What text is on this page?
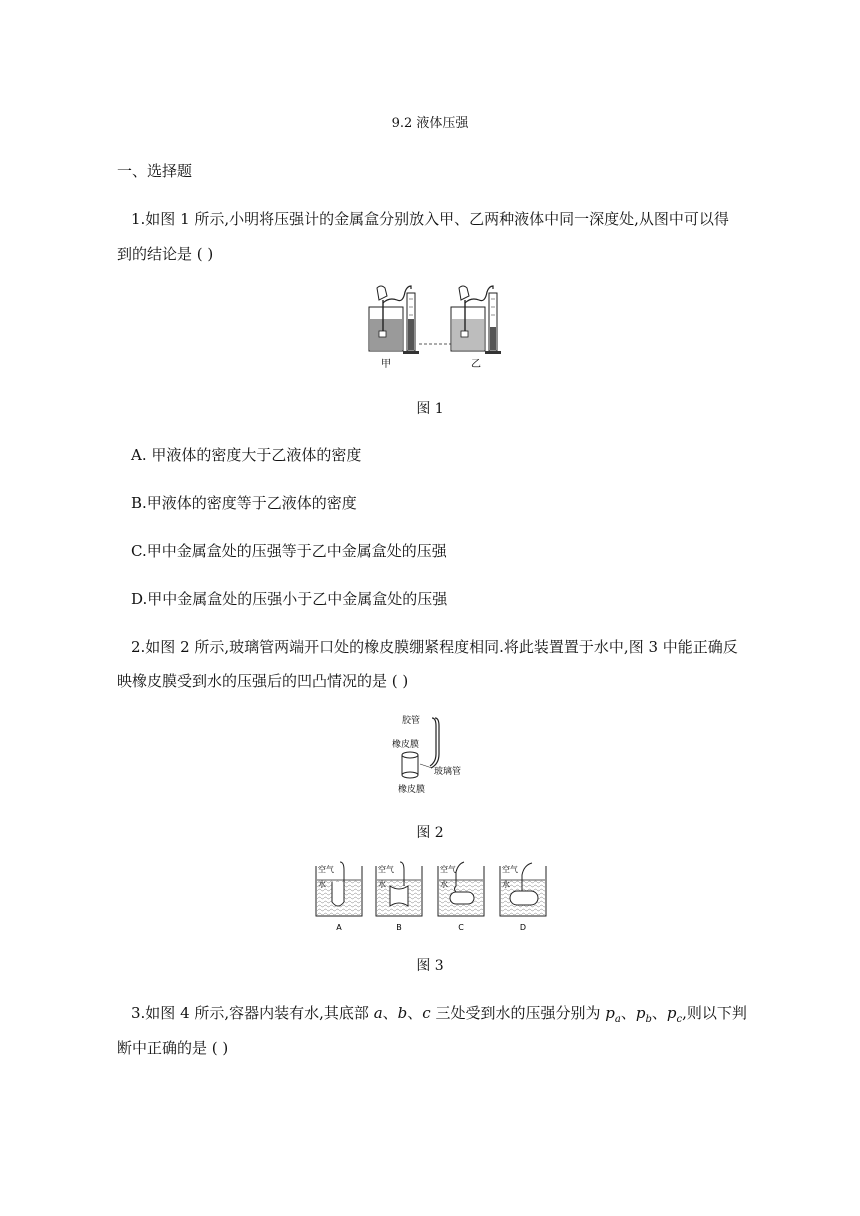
9.2 液体压强
一、选择题
1.如图 1 所示,小明将压强计的金属盒分别放入甲、乙两种液体中同一深度处,从图中可以得
到的结论是 ( )
甲	乙
图 1
A. 甲液体的密度大于乙液体的密度
B.甲液体的密度等于乙液体的密度
C.甲中金属盒处的压强等于乙中金属盒处的压强
D.甲中金属盒处的压强小于乙中金属盒处的压强
2.如图 2 所示,玻璃管两端开口处的橡皮膜绷紧程度相同.将此装置置于水中,图 3 中能正确反
映橡皮膜受到水的压强后的凹凸情况的是 ( )
胶管
橡皮膜
玻璃管
橡皮膜
图 2
空气
水
A
空气
水
B
空气
水
C
空气
水
D
图 3
3.如图 4 所示,容器内装有水,其底部 a、b、c 三处受到水的压强分别为 $p_a$、$p_b$、$p_c$,则以下判
断中正确的是 ( )
